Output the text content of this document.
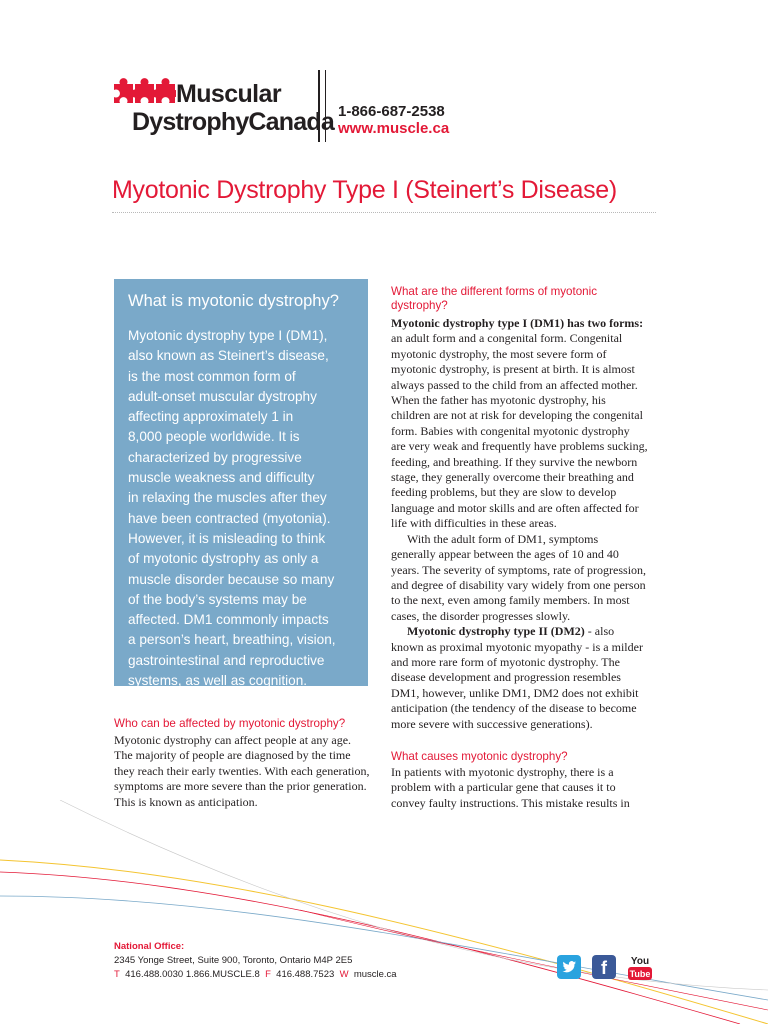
Muscular
DystrophyCanada 1-866-687-2538
www.muscle.ca
Myotonic Dystrophy Type I (Steinert’s Disease)
What is myotonic dystrophy?
Myotonic dystrophy type I (DM1),
also known as Steinert’s disease,
is the most common form of
adult-onset muscular dystrophy
affecting approximately 1 in
8,000 people worldwide. It is
characterized by progressive
muscle weakness and difficulty
in relaxing the muscles after they
have been contracted (myotonia).
However, it is misleading to think
of myotonic dystrophy as only a
muscle disorder because so many
of the body’s systems may be
affected. DM1 commonly impacts
a person’s heart, breathing, vision,
gastrointestinal and reproductive
systems, as well as cognition.
Who can be affected by myotonic dystrophy?
Myotonic dystrophy can affect people at any age.
The majority of people are diagnosed by the time
they reach their early twenties. With each generation,
symptoms are more severe than the prior generation.
This is known as anticipation.
What are the different forms of myotonic
dystrophy?
Myotonic dystrophy type I (DM1) has two forms:
an adult form and a congenital form. Congenital
myotonic dystrophy, the most severe form of
myotonic dystrophy, is present at birth. It is almost
always passed to the child from an affected mother.
When the father has myotonic dystrophy, his
children are not at risk for developing the congenital
form. Babies with congenital myotonic dystrophy
are very weak and frequently have problems sucking,
feeding, and breathing. If they survive the newborn
stage, they generally overcome their breathing and
feeding problems, but they are slow to develop
language and motor skills and are often affected for
life with difficulties in these areas.
With the adult form of DM1, symptoms
generally appear between the ages of 10 and 40
years. The severity of symptoms, rate of progression,
and degree of disability vary widely from one person
to the next, even among family members. In most
cases, the disorder progresses slowly.
Myotonic dystrophy type II (DM2) - also
known as proximal myotonic myopathy - is a milder
and more rare form of myotonic dystrophy. The
disease development and progression resembles
DM1, however, unlike DM1, DM2 does not exhibit
anticipation (the tendency of the disease to become
more severe with successive generations).
What causes myotonic dystrophy?
In patients with myotonic dystrophy, there is a
problem with a particular gene that causes it to
convey faulty instructions. This mistake results in
National Office:
2345 Yonge Street, Suite 900, Toronto, Ontario M4P 2E5
T 416.488.0030 1.866.MUSCLE.8 F 416.488.7523 W muscle.ca	f	You
Tube
